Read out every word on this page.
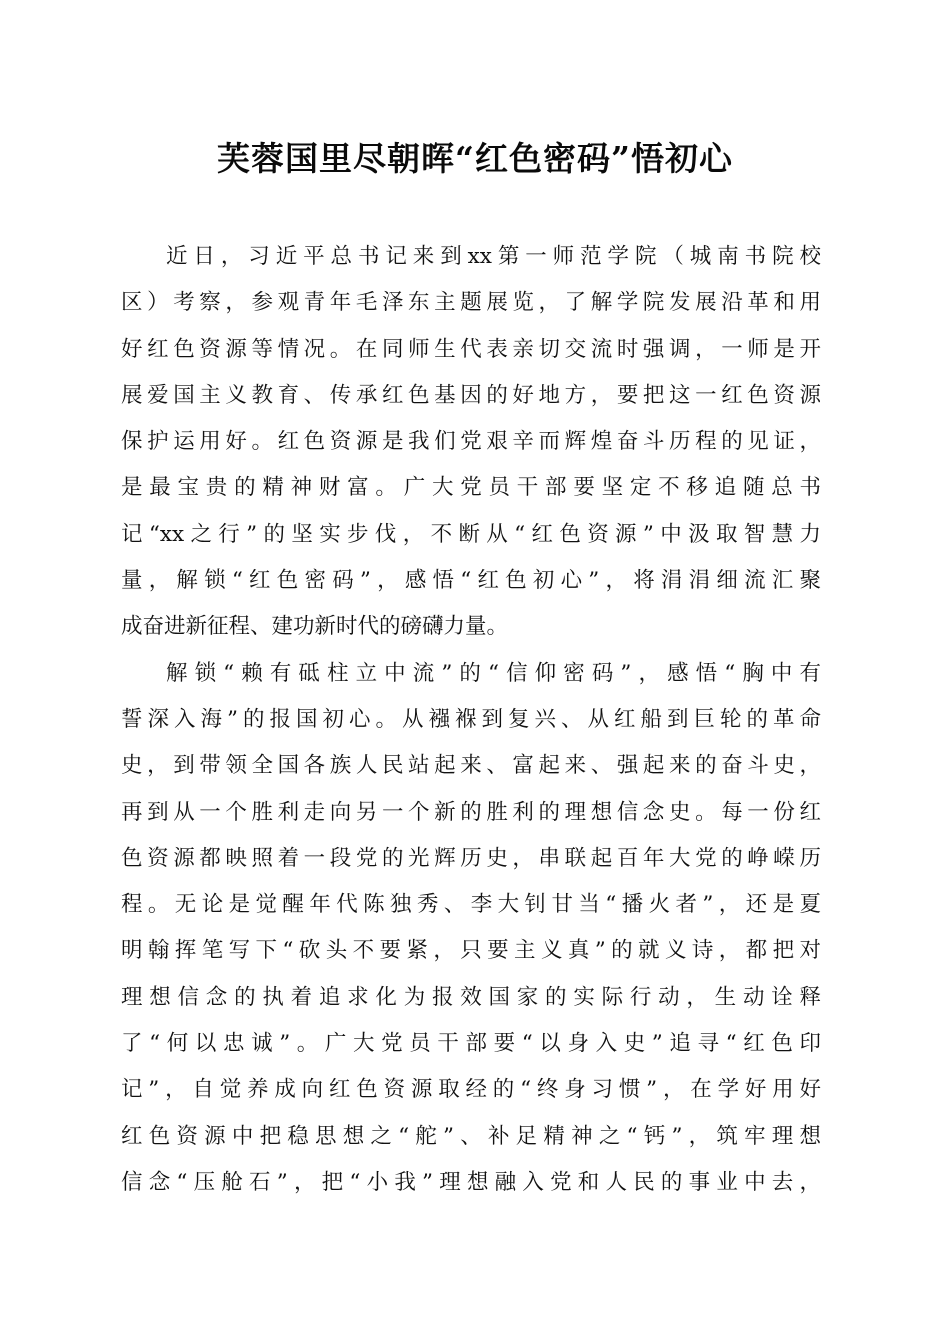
芙蓉国里尽朝晖“红色密码”悟初心
近日，习近平总书记来到xx第一师范学院（城南书院校
区）考察，参观青年毛泽东主题展览，了解学院发展沿革和用
好红色资源等情况。在同师生代表亲切交流时强调，一师是开
展爱国主义教育、传承红色基因的好地方，要把这一红色资源
保护运用好。红色资源是我们党艰辛而辉煌奋斗历程的见证，
是最宝贵的精神财富。广大党员干部要坚定不移追随总书
记“xx之行”的坚实步伐，不断从“红色资源”中汲取智慧力
量，解锁“红色密码”，感悟“红色初心”，将涓涓细流汇聚
成奋进新征程、建功新时代的磅礴力量。
解锁“赖有砥柱立中流”的“信仰密码”，感悟“胸中有
誓深入海”的报国初心。从襁褓到复兴、从红船到巨轮的革命
史，到带领全国各族人民站起来、富起来、强起来的奋斗史，
再到从一个胜利走向另一个新的胜利的理想信念史。每一份红
色资源都映照着一段党的光辉历史，串联起百年大党的峥嵘历
程。无论是觉醒年代陈独秀、李大钊甘当“播火者”，还是夏
明翰挥笔写下“砍头不要紧，只要主义真”的就义诗，都把对
理想信念的执着追求化为报效国家的实际行动，生动诠释
了“何以忠诚”。广大党员干部要“以身入史”追寻“红色印
记”，自觉养成向红色资源取经的“终身习惯”，在学好用好
红色资源中把稳思想之“舵”、补足精神之“钙”，筑牢理想
信念“压舱石”，把“小我”理想融入党和人民的事业中去，
